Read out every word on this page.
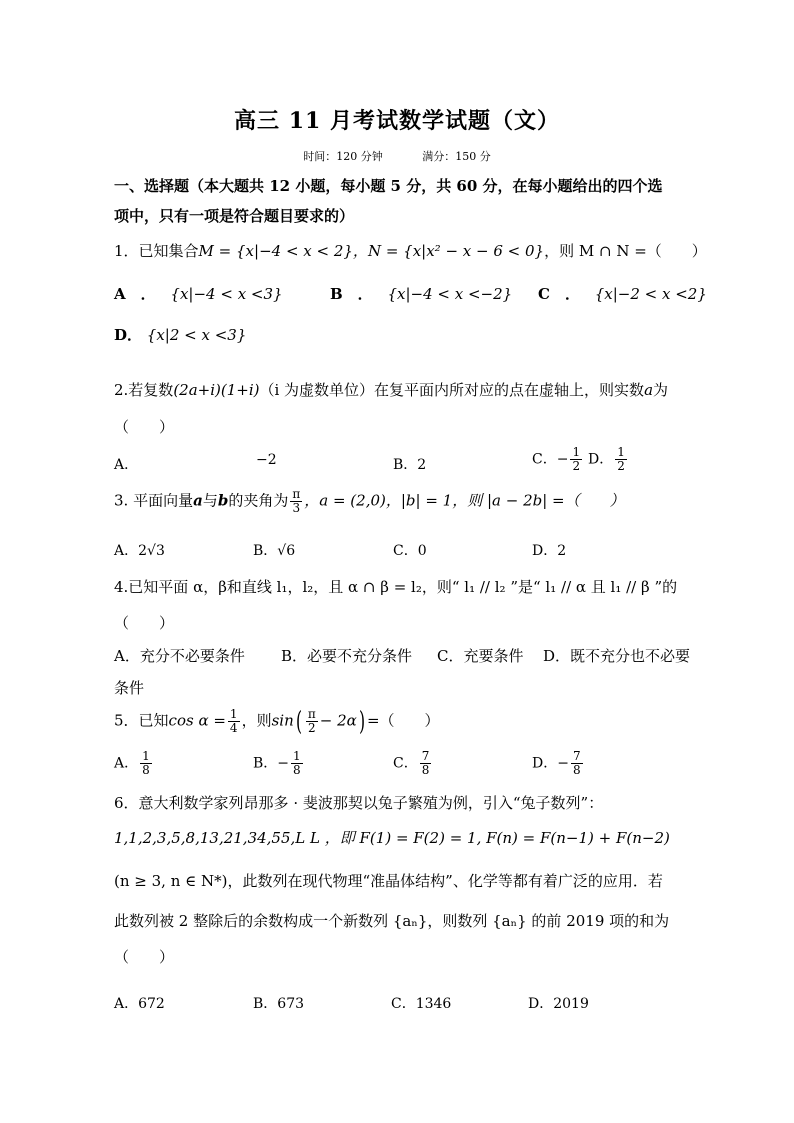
高三 11 月考试数学试题（文）
时间：120 分钟	满分：150 分
一、选择题（本大题共 12 小题，每小题 5 分，共 60 分，在每小题给出的四个选
项中，只有一项是符合题目要求的）
1．已知集合M = {x|−4 < x < 2}，N = {x|x² − x − 6 < 0}，则 M ∩ N =（　　）
A　． {x|−4 < x <3}	B　． {x|−4 < x <−2} C　． {x|−2 < x <2}
D． {x|2 < x <3}
2.若复数(2a+i)(1+i)（i 为虚数单位）在复平面内所对应的点在虚轴上，则实数a为
（　　）
A．	−2	B．2	C．− $\frac{1}{2}$ D． $\frac{1}{2}$
3. 平面向量a与b的夹角为 $\frac{\pi}{3}$ ，a = (2,0)，|b| = 1，则 |a − 2b| =（　　）
A．2√3	B．√6	C．0	D．2
4.已知平面 α，β和直线 l₁，l₂，且 α ∩ β = l₂，则“ l₁ // l₂ ”是“ l₁ // α 且 l₁ // β ”的
（　　）
A．充分不必要条件 B．必要不充分条件 C．充要条件 D．既不充分也不必要
条件
5．已知$\cos \alpha = \frac{1}{4}$ ，则$\sin( \frac{\pi}{2} - 2\alpha)$ =（　　）
A． $\frac{1}{8}$	B．− $\frac{1}{8}$	C． $\frac{7}{8}$	D．− $\frac{7}{8}$
6．意大利数学家列昂那多 · 斐波那契以兔子繁殖为例，引入“兔子数列”：
1,1,2,3,5,8,13,21,34,55,L L ，即 F(1) = F(2) = 1, F(n) = F(n−1) + F(n−2)
(n ≥ 3, n ∈ N*)，此数列在现代物理“准晶体结构”、化学等都有着广泛的应用．若
此数列被 2 整除后的余数构成一个新数列 {aₙ}，则数列 {aₙ} 的前 2019 项的和为
（　　）
A．672	B．673	C．1346	D．2019
